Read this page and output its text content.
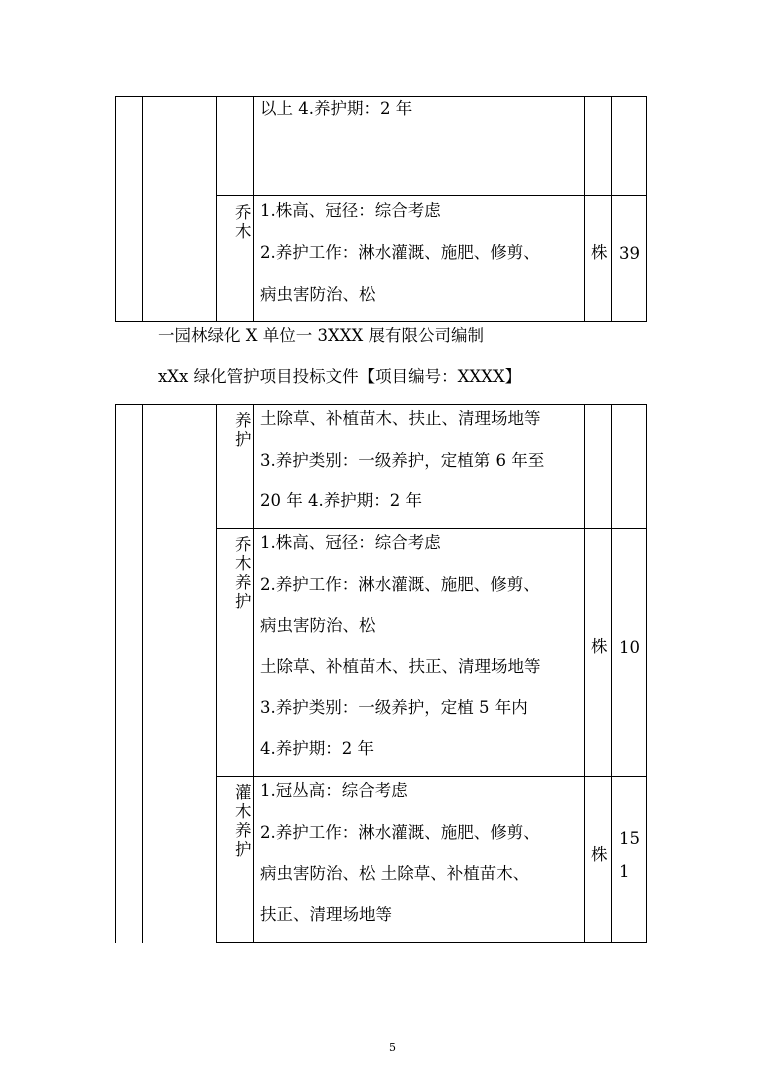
以上 4.养护期：2 年
乔木
1.株高、冠径：综合考虑
2.养护工作：淋水灌溉、施肥、修剪、
病虫害防治、松
株 39
一园林绿化 X 单位一 3XXX 展有限公司编制
xXx 绿化管护项目投标文件【项目编号：XXXX】
养护
土除草、补植苗木、扶止、清理场地等
3.养护类别：一级养护，定植第 6 年至
20 年 4.养护期：2 年
乔木养护
1.株高、冠径：综合考虑
2.养护工作：淋水灌溉、施肥、修剪、
病虫害防治、松
土除草、补植苗木、扶正、清理场地等
3.养护类别：一级养护，定植 5 年内
4.养护期：2 年
株 10
灌木养护
1.冠丛高：综合考虑
2.养护工作：淋水灌溉、施肥、修剪、
病虫害防治、松 土除草、补植苗木、
扶正、清理场地等
株
15
1
5
